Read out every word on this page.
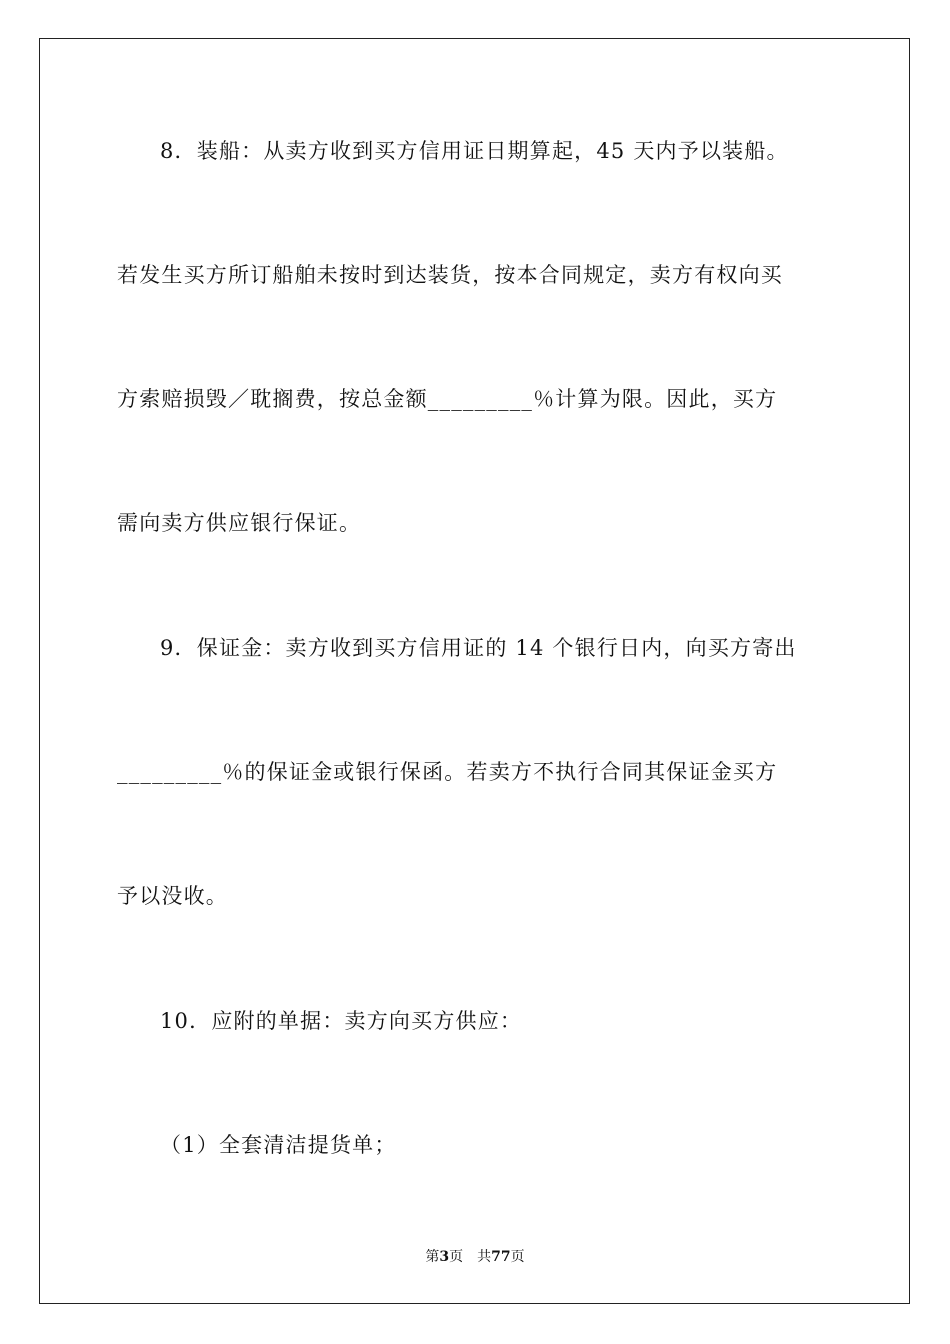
8．装船：从卖方收到买方信用证日期算起，45 天内予以装船。
若发生买方所订船舶未按时到达装货，按本合同规定，卖方有权向买
方索赔损毁／耽搁费，按总金额_________％计算为限。因此，买方
需向卖方供应银行保证。
9．保证金：卖方收到买方信用证的 14 个银行日内，向买方寄出
_________％的保证金或银行保函。若卖方不执行合同其保证金买方
予以没收。
10．应附的单据：卖方向买方供应：
（1）全套清洁提货单；
第3页 共77页
